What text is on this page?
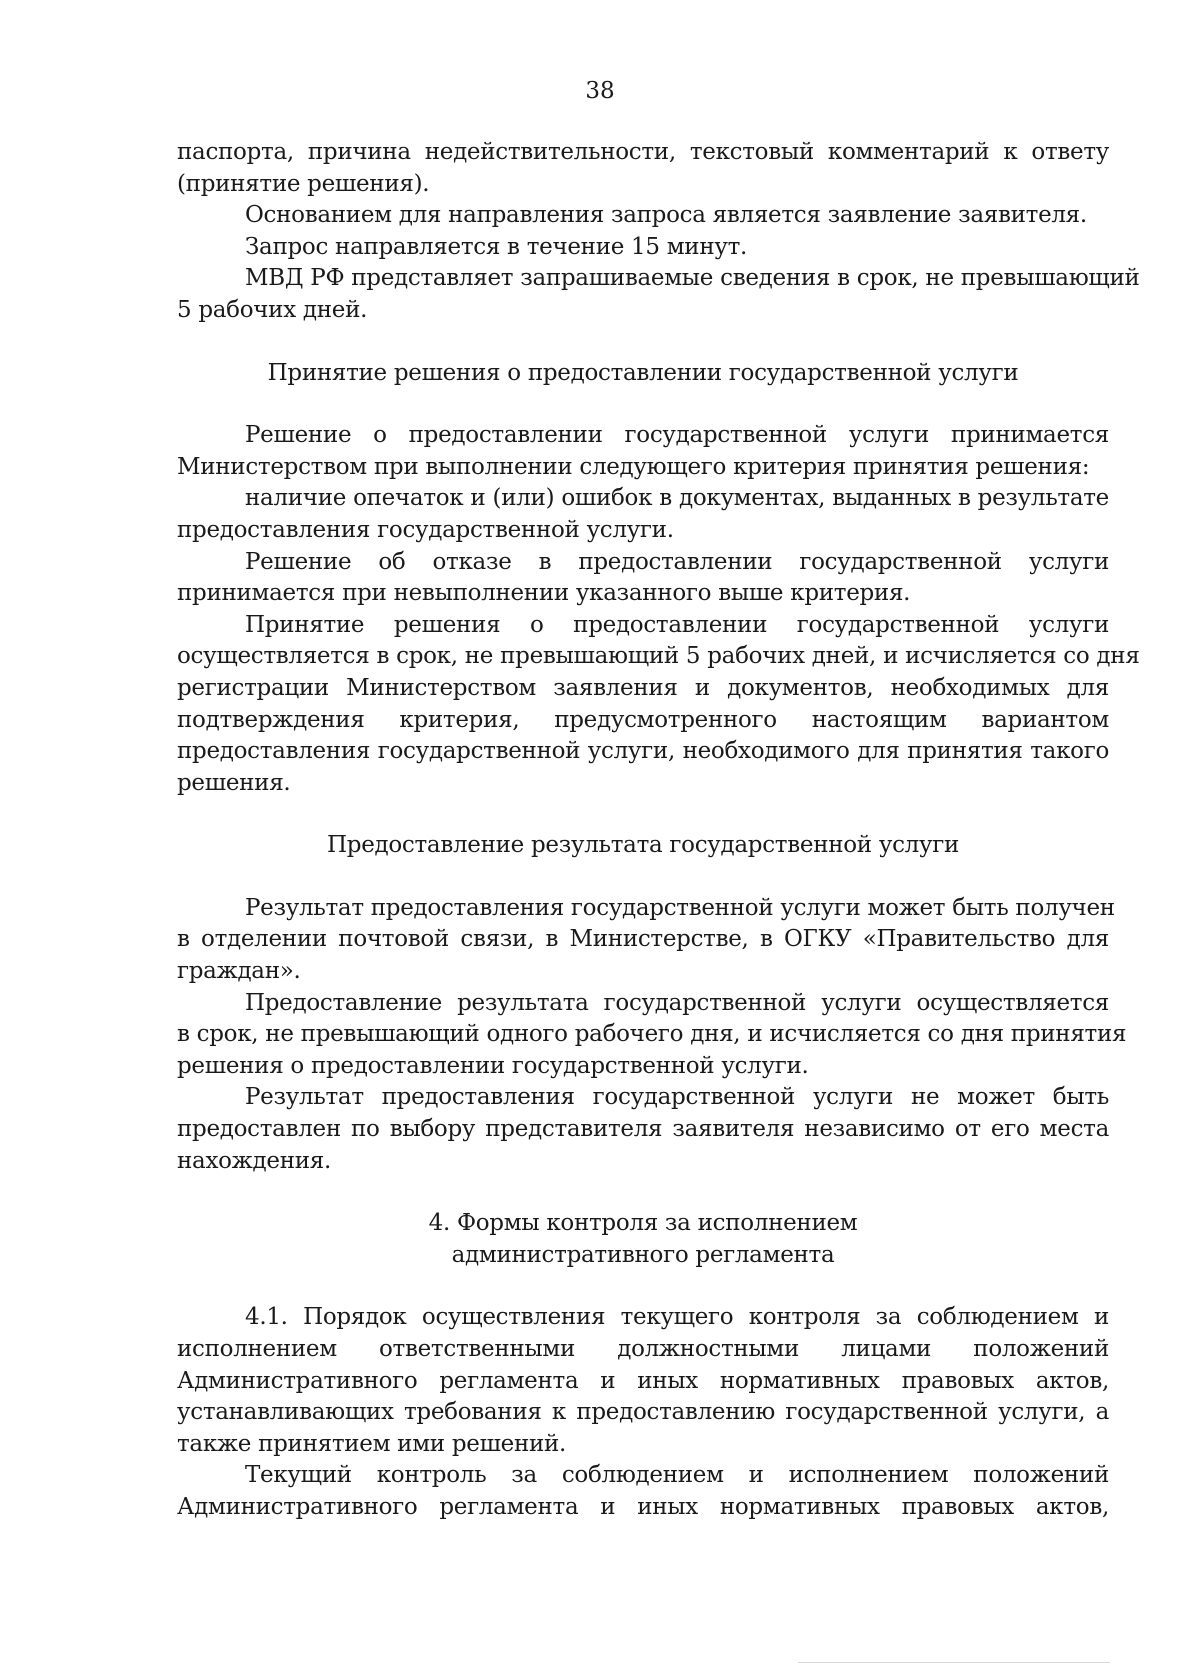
38
паспорта, причина недействительности, текстовый комментарий к ответу
(принятие решения).
Основанием для направления запроса является заявление заявителя.
Запрос направляется в течение 15 минут.
МВД РФ представляет запрашиваемые сведения в срок, не превышающий
5 рабочих дней.
Принятие решения о предоставлении государственной услуги
Решение о предоставлении государственной услуги принимается
Министерством при выполнении следующего критерия принятия решения:
наличие опечаток и (или) ошибок в документах, выданных в результате
предоставления государственной услуги.
Решение об отказе в предоставлении государственной услуги
принимается при невыполнении указанного выше критерия.
Принятие решения о предоставлении государственной услуги
осуществляется в срок, не превышающий 5 рабочих дней, и исчисляется со дня
регистрации Министерством заявления и документов, необходимых для
подтверждения критерия, предусмотренного настоящим вариантом
предоставления государственной услуги, необходимого для принятия такого
решения.
Предоставление результата государственной услуги
Результат предоставления государственной услуги может быть получен
в отделении почтовой связи, в Министерстве, в ОГКУ «Правительство для
граждан».
Предоставление результата государственной услуги осуществляется
в срок, не превышающий одного рабочего дня, и исчисляется со дня принятия
решения о предоставлении государственной услуги.
Результат предоставления государственной услуги не может быть
предоставлен по выбору представителя заявителя независимо от его места
нахождения.
4. Формы контроля за исполнением
административного регламента
4.1. Порядок осуществления текущего контроля за соблюдением и
исполнением ответственными должностными лицами положений
Административного регламента и иных нормативных правовых актов,
устанавливающих требования к предоставлению государственной услуги, а
также принятием ими решений.
Текущий контроль за соблюдением и исполнением положений
Административного регламента и иных нормативных правовых актов,
